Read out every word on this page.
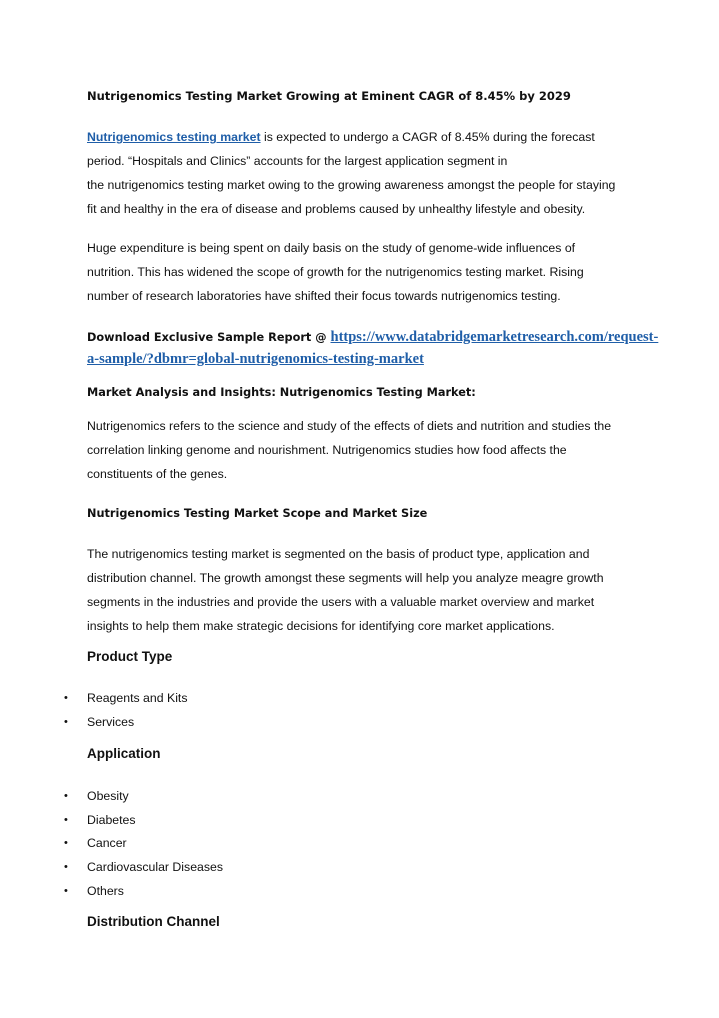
Nutrigenomics Testing Market Growing at Eminent CAGR of 8.45% by 2029
Nutrigenomics testing market is expected to undergo a CAGR of 8.45% during the forecast
period. “Hospitals and Clinics” accounts for the largest application segment in
the nutrigenomics testing market owing to the growing awareness amongst the people for staying
fit and healthy in the era of disease and problems caused by unhealthy lifestyle and obesity.
Huge expenditure is being spent on daily basis on the study of genome-wide influences of
nutrition. This has widened the scope of growth for the nutrigenomics testing market. Rising
number of research laboratories have shifted their focus towards nutrigenomics testing.
Download Exclusive Sample Report @ https://www.databridgemarketresearch.com/request-
a-sample/?dbmr=global-nutrigenomics-testing-market
Market Analysis and Insights: Nutrigenomics Testing Market:
Nutrigenomics refers to the science and study of the effects of diets and nutrition and studies the
correlation linking genome and nourishment. Nutrigenomics studies how food affects the
constituents of the genes.
Nutrigenomics Testing Market Scope and Market Size
The nutrigenomics testing market is segmented on the basis of product type, application and
distribution channel. The growth amongst these segments will help you analyze meagre growth
segments in the industries and provide the users with a valuable market overview and market
insights to help them make strategic decisions for identifying core market applications.
Product Type
• Reagents and Kits
• Services
Application
• Obesity
• Diabetes
• Cancer
• Cardiovascular Diseases
• Others
Distribution Channel
